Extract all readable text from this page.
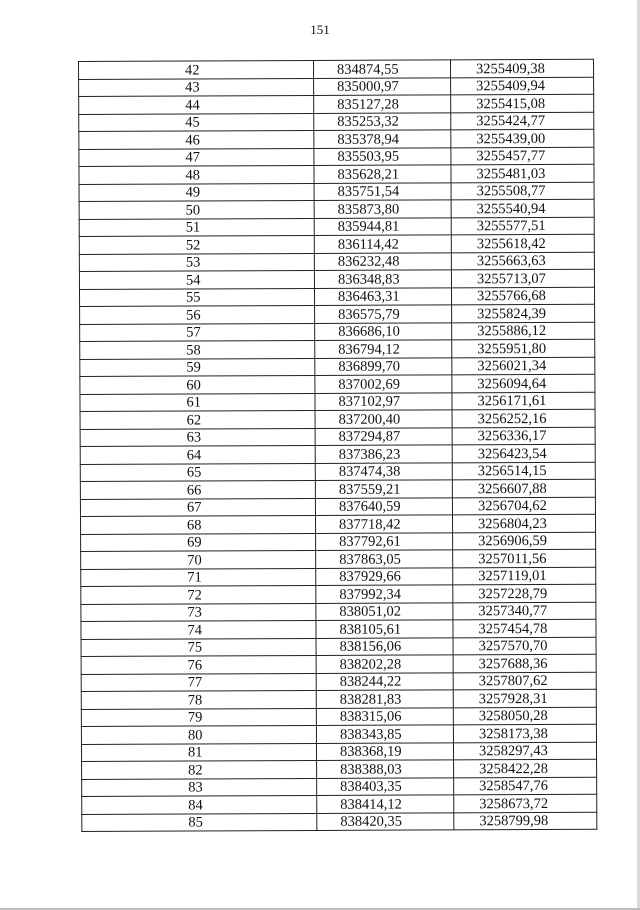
151
42	834874,55	3255409,38
43	835000,97	3255409,94
44	835127,28	3255415,08
45	835253,32	3255424,77
46	835378,94	3255439,00
47	835503,95	3255457,77
48	835628,21	3255481,03
49	835751,54	3255508,77
50	835873,80	3255540,94
51	835944,81	3255577,51
52	836114,42	3255618,42
53	836232,48	3255663,63
54	836348,83	3255713,07
55	836463,31	3255766,68
56	836575,79	3255824,39
57	836686,10	3255886,12
58	836794,12	3255951,80
59	836899,70	3256021,34
60	837002,69	3256094,64
61	837102,97	3256171,61
62	837200,40	3256252,16
63	837294,87	3256336,17
64	837386,23	3256423,54
65	837474,38	3256514,15
66	837559,21	3256607,88
67	837640,59	3256704,62
68	837718,42	3256804,23
69	837792,61	3256906,59
70	837863,05	3257011,56
71	837929,66	3257119,01
72	837992,34	3257228,79
73	838051,02	3257340,77
74	838105,61	3257454,78
75	838156,06	3257570,70
76	838202,28	3257688,36
77	838244,22	3257807,62
78	838281,83	3257928,31
79	838315,06	3258050,28
80	838343,85	3258173,38
81	838368,19	3258297,43
82	838388,03	3258422,28
83	838403,35	3258547,76
84	838414,12	3258673,72
85	838420,35	3258799,98
